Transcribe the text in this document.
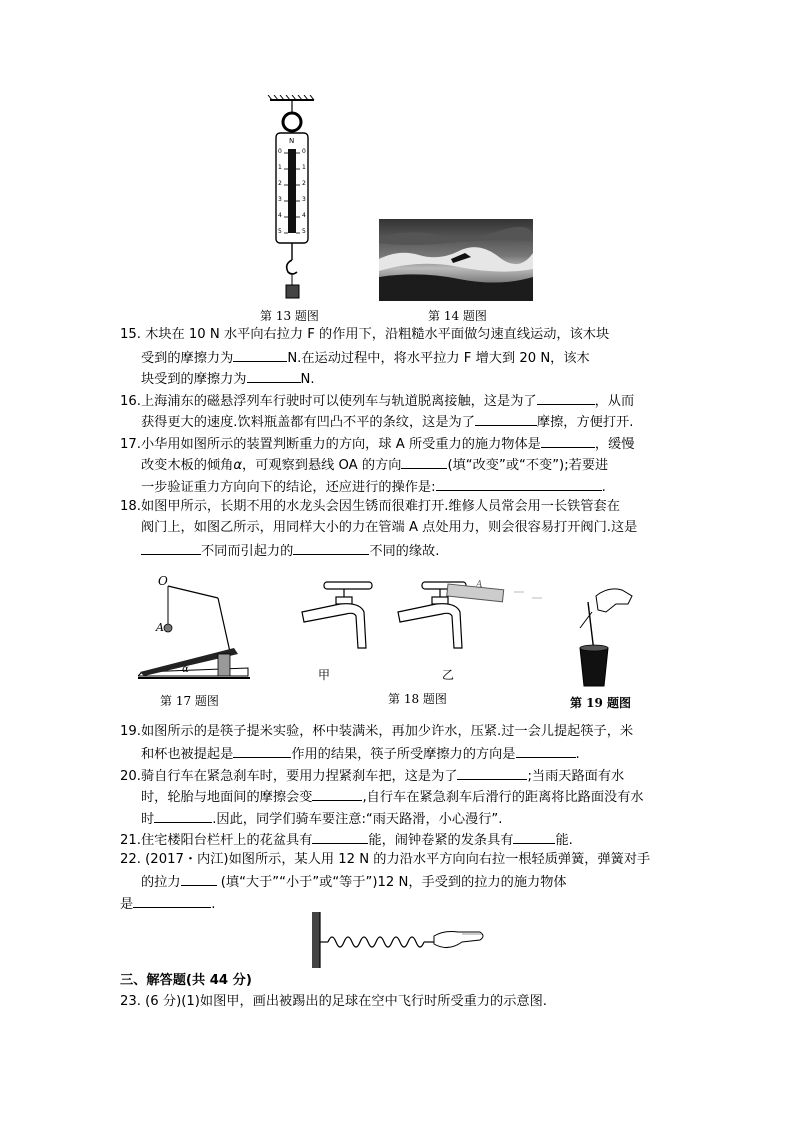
N
0
1
2
3
4
5
0
1
2
3
4
5
第 13 题图	第 14 题图
15. 木块在 10 N 水平向右拉力 F 的作用下，沿粗糙水平面做匀速直线运动，该木块
受到的摩擦力为	N.在运动过程中，将水平拉力 F 增大到 20 N，该木
块受到的摩擦力为	N.
16.上海浦东的磁悬浮列车行驶时可以使列车与轨道脱离接触，这是为了	，从而
获得更大的速度.饮料瓶盖都有凹凸不平的条纹，这是为了	摩擦，方便打开.
17.小华用如图所示的装置判断重力的方向，球 A 所受重力的施力物体是	，缓慢
改变木板的倾角α，可观察到悬线 OA 的方向	(填“改变”或“不变”);若要进
一步验证重力方向向下的结论，还应进行的操作是:	.
18.如图甲所示，长期不用的水龙头会因生锈而很难打开.维修人员常会用一长铁管套在
阀门上，如图乙所示，用同样大小的力在管端 A 点处用力，则会很容易打开阀门.这是
不同而引起力的	不同的缘故.
O
A
α
第 17 题图
甲
A
乙
第 18 题图	第 19 题图
19.如图所示的是筷子提米实验，杯中装满米，再加少许水，压紧.过一会儿提起筷子，米
和杯也被提起是	作用的结果，筷子所受摩擦力的方向是	.
20.骑自行车在紧急刹车时，要用力捏紧刹车把，这是为了	;当雨天路面有水
时，轮胎与地面间的摩擦会变	,自行车在紧急刹车后滑行的距离将比路面没有水
时	.因此，同学们骑车要注意:“雨天路滑，小心漫行”.
21.住宅楼阳台栏杆上的花盆具有	能，闹钟卷紧的发条具有	能.
22. (2017・内江)如图所示，某人用 12 N 的力沿水平方向向右拉一根轻质弹簧，弹簧对手
的拉力	(填“大于”“小于”或“等于”)12 N，手受到的拉力的施力物体
是	.
三、解答题(共 44 分)
23. (6 分)(1)如图甲，画出被踢出的足球在空中飞行时所受重力的示意图.
